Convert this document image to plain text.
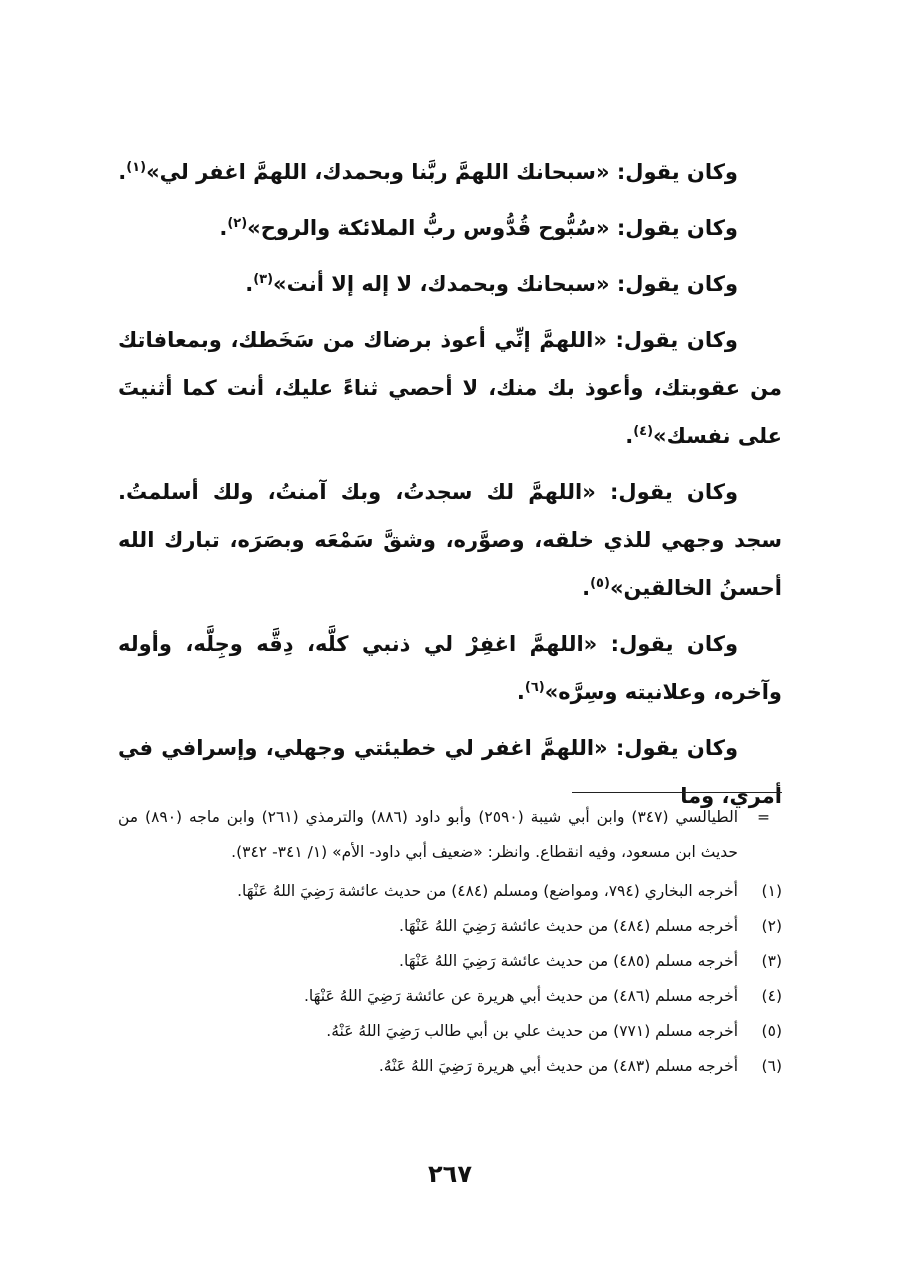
وكان يقول: «سبحانك اللهمَّ ربَّنا وبحمدك، اللهمَّ اغفر لي»$^{(١)}$.

وكان يقول: «سُبُّوح قُدُّوس ربُّ الملائكة والروح»$^{(٢)}$.

وكان يقول: «سبحانك وبحمدك، لا إله إلا أنت»$^{(٣)}$.

وكان يقول: «اللهمَّ إنِّي أعوذ برضاك من سَخَطك، وبمعافاتك من عقوبتك، وأعوذ بك منك، لا أحصي ثناءً عليك، أنت كما أثنيتَ على نفسك»$^{(٤)}$.

وكان يقول: «اللهمَّ لك سجدتُ، وبك آمنتُ، ولك أسلمتُ. سجد وجهي للذي خلقه، وصوَّره، وشقَّ سَمْعَه وبصَرَه، تبارك الله أحسنُ الخالقين»$^{(٥)}$.

وكان يقول: «اللهمَّ اغفِرْ لي ذنبي كلَّه، دِقَّه وجِلَّه، وأوله وآخره، وعلانيته وسِرَّه»$^{(٦)}$.

وكان يقول: «اللهمَّ اغفر لي خطيئتي وجهلي، وإسرافي في أمري، وما

=
الطيالسي (٣٤٧) وابن أبي شيبة (٢٥٩٠) وأبو داود (٨٨٦) والترمذي (٢٦١) وابن ماجه (٨٩٠) من حديث ابن مسعود، وفيه انقطاع. وانظر: «ضعيف أبي داود- الأم» (١/ ٣٤١- ٣٤٢).
(١)
أخرجه البخاري (٧٩٤، ومواضع) ومسلم (٤٨٤) من حديث عائشة رَضِيَ اللهُ عَنْهَا.
(٢)
أخرجه مسلم (٤٨٤) من حديث عائشة رَضِيَ اللهُ عَنْهَا.
(٣)
أخرجه مسلم (٤٨٥) من حديث عائشة رَضِيَ اللهُ عَنْهَا.
(٤)
أخرجه مسلم (٤٨٦) من حديث أبي هريرة عن عائشة رَضِيَ اللهُ عَنْهَا.
(٥)
أخرجه مسلم (٧٧١) من حديث علي بن أبي طالب رَضِيَ اللهُ عَنْهُ.
(٦)
أخرجه مسلم (٤٨٣) من حديث أبي هريرة رَضِيَ اللهُ عَنْهُ.
٢٦٧
